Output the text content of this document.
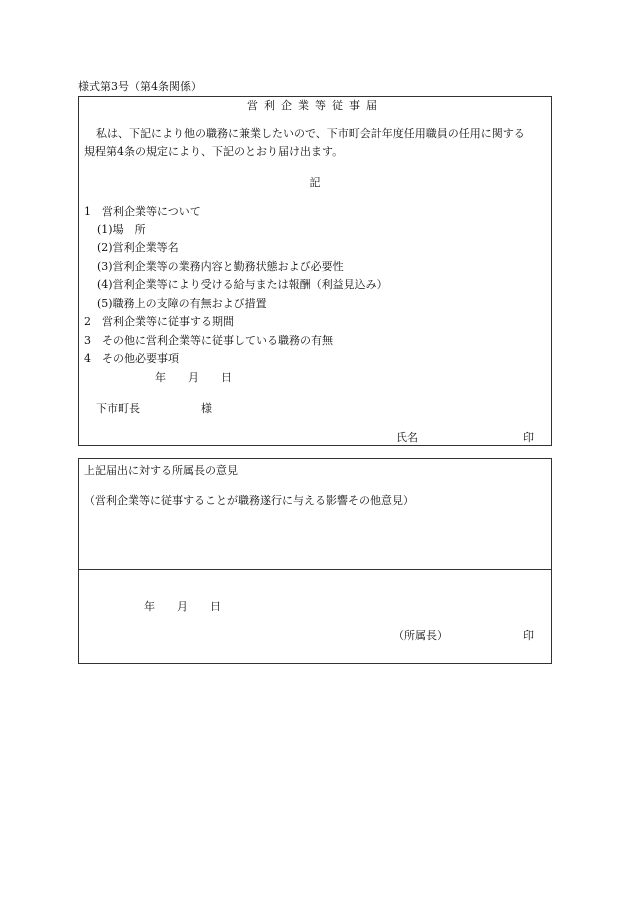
様式第3号（第4条関係）
営利企業等従事届
私は、下記により他の職務に兼業したいので、下市町会計年度任用職員の任用に関する
規程第4条の規定により、下記のとおり届け出ます。
記
1　営利企業等について
(1)場　所
(2)営利企業等名
(3)営利企業等の業務内容と勤務状態および必要性
(4)営利企業等により受ける給与または報酬（利益見込み）
(5)職務上の支障の有無および措置
2　営利企業等に従事する期間
3　その他に営利企業等に従事している職務の有無
4　その他必要事項
年　　月　　日
下市町長	様
氏名	印
上記届出に対する所属長の意見
（営利企業等に従事することが職務遂行に与える影響その他意見）
年　　月　　日
（所属長）	印
